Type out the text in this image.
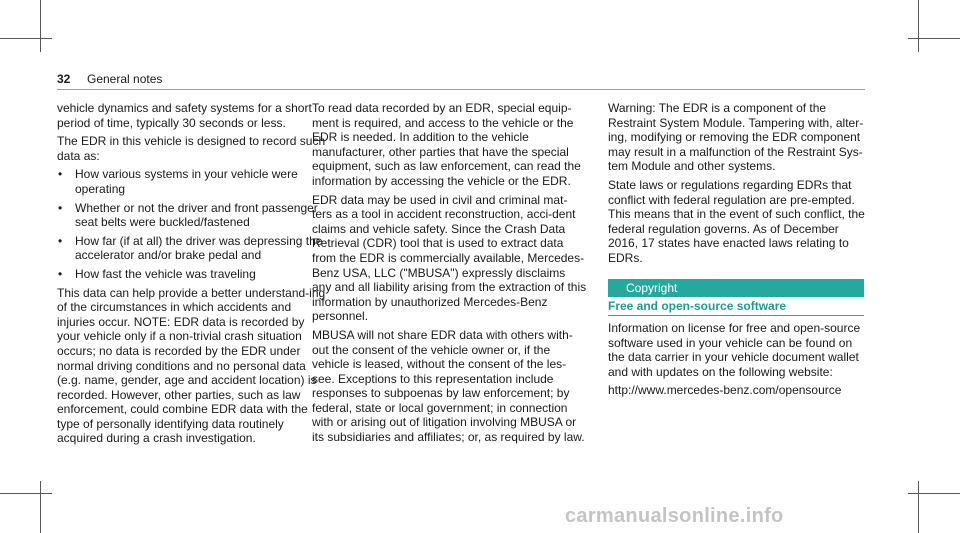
32 General notes

vehicle dynamics and safety systems for a short period of time, typically 30 seconds or less.

The EDR in this vehicle is designed to record such data as:

• How various systems in your vehicle were operating
• Whether or not the driver and front passenger seat belts were buckled/fastened
• How far (if at all) the driver was depressing the accelerator and/or brake pedal and
• How fast the vehicle was traveling

This data can help provide a better understand-ing of the circumstances in which accidents and injuries occur. NOTE: EDR data is recorded by your vehicle only if a non-trivial crash situation occurs; no data is recorded by the EDR under normal driving conditions and no personal data (e.g. name, gender, age and accident location) is recorded. However, other parties, such as law enforcement, could combine EDR data with the type of personally identifying data routinely acquired during a crash investigation.

To read data recorded by an EDR, special equip-ment is required, and access to the vehicle or the EDR is needed. In addition to the vehicle manufacturer, other parties that have the special equipment, such as law enforcement, can read the information by accessing the vehicle or the EDR.

EDR data may be used in civil and criminal mat-ters as a tool in accident reconstruction, acci-dent claims and vehicle safety. Since the Crash Data Retrieval (CDR) tool that is used to extract data from the EDR is commercially available, Mercedes-Benz USA, LLC ("MBUSA") expressly disclaims any and all liability arising from the extraction of this information by unauthorized Mercedes-Benz personnel.

MBUSA will not share EDR data with others with-out the consent of the vehicle owner or, if the vehicle is leased, without the consent of the les-see. Exceptions to this representation include responses to subpoenas by law enforcement; by federal, state or local government; in connection with or arising out of litigation involving MBUSA or its subsidiaries and affiliates; or, as required by law.

Warning: The EDR is a component of the Restraint System Module. Tampering with, alter-ing, modifying or removing the EDR component may result in a malfunction of the Restraint Sys-tem Module and other systems.

State laws or regulations regarding EDRs that conflict with federal regulation are pre-empted. This means that in the event of such conflict, the federal regulation governs. As of December 2016, 17 states have enacted laws relating to EDRs.

Copyright
Free and open-source software

Information on license for free and open-source software used in your vehicle can be found on the data carrier in your vehicle document wallet and with updates on the following website:

http://www.mercedes-benz.com/opensource

carmanualsonline.info
